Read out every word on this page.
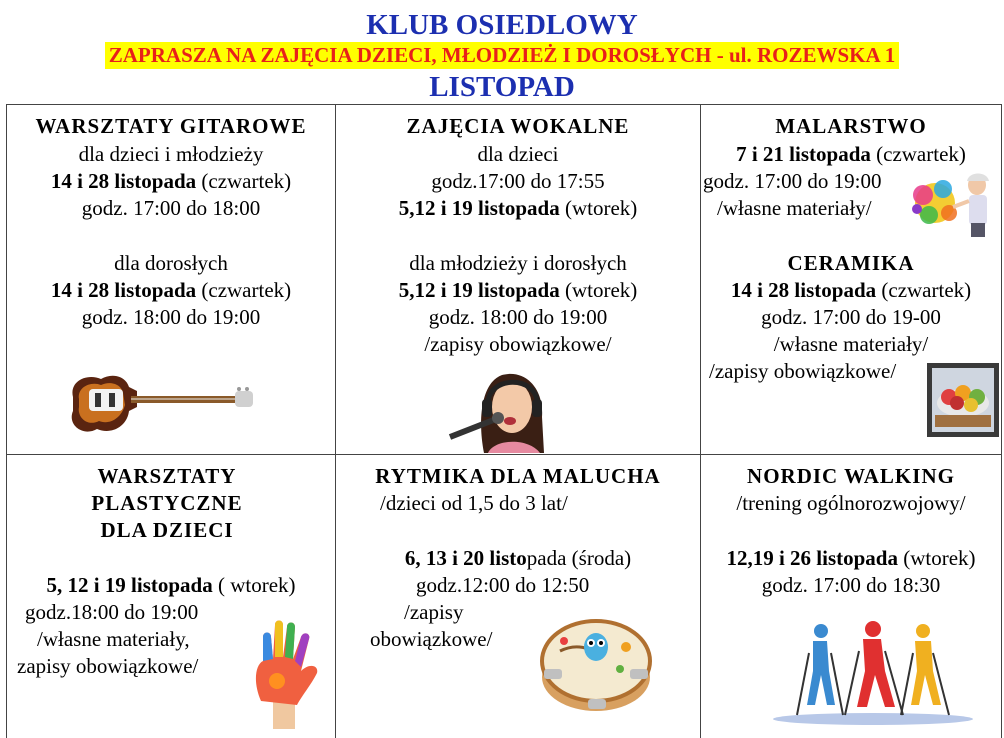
KLUB OSIEDLOWY
ZAPRASZA NA ZAJĘCIA DZIECI, MŁODZIEŻ I DOROSŁYCH - ul. ROZEWSKA 1
LISTOPAD
WARSZTATY GITAROWE
dla dzieci i młodzieży
14 i 28 listopada (czwartek)
godz. 17:00 do 18:00
dla dorosłych
14 i 28 listopada (czwartek)
godz. 18:00 do 19:00
ZAJĘCIA WOKALNE
dla dzieci
godz.17:00 do 17:55
5,12 i 19 listopada (wtorek)
dla młodzieży i dorosłych
5,12 i 19 listopada (wtorek)
godz. 18:00 do 19:00
/zapisy obowiązkowe/
MALARSTWO
7 i 21 listopada (czwartek)
godz. 17:00 do 19:00
/własne materiały/
CERAMIKA
14 i 28 listopada (czwartek)
godz. 17:00 do 19-00
/własne materiały/
/zapisy obowiązkowe/
WARSZTATY
PLASTYCZNE
DLA DZIECI
5, 12 i 19 listopada ( wtorek)
godz.18:00 do 19:00
/własne materiały,
zapisy obowiązkowe/
RYTMIKA DLA MALUCHA
/dzieci od 1,5 do 3 lat/
6, 13 i 20 listopada (środa)
godz.12:00 do 12:50
/zapisy
obowiązkowe/
NORDIC WALKING
/trening ogólnorozwojowy/
12,19 i 26 listopada (wtorek)
godz. 17:00 do 18:30
